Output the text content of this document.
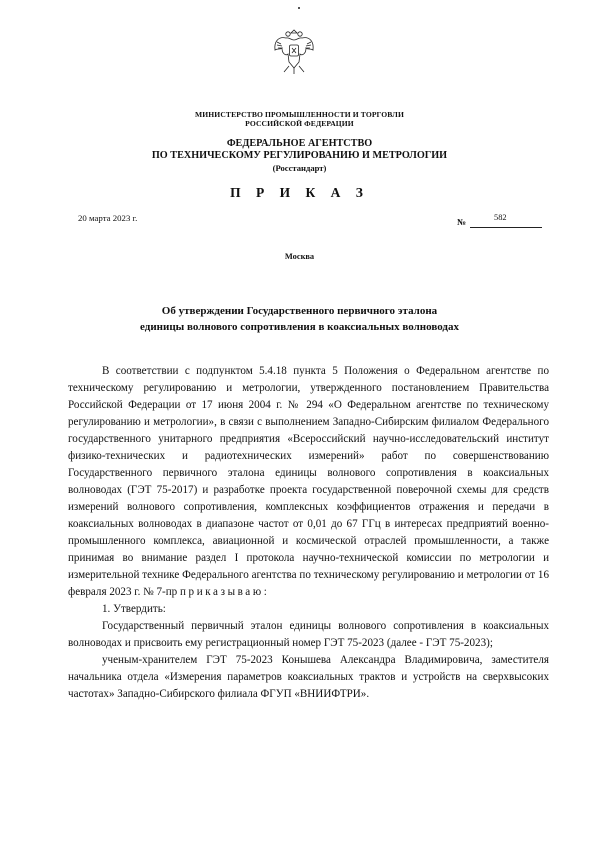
МИНИСТЕРСТВО ПРОМЫШЛЕННОСТИ И ТОРГОВЛИ
РОССИЙСКОЙ ФЕДЕРАЦИИ
ФЕДЕРАЛЬНОЕ АГЕНТСТВО
ПО ТЕХНИЧЕСКОМУ РЕГУЛИРОВАНИЮ И МЕТРОЛОГИИ
(Росстандарт)
П Р И К А З
20 марта 2023 г.	№	582
Москва
Об утверждении Государственного первичного эталона
единицы волнового сопротивления в коаксиальных волноводах

В соответствии с подпунктом 5.4.18 пункта 5 Положения о Федеральном агентстве по техническому регулированию и метрологии, утвержденного постановлением Правительства Российской Федерации от 17 июня 2004 г. № 294 «О Федеральном агентстве по техническому регулированию и метрологии», в связи с выполнением Западно-Сибирским филиалом Федерального государственного унитарного предприятия «Всероссийский научно-исследовательский институт физико-технических и радиотехнических измерений» работ по совершенствованию Государственного первичного эталона единицы волнового сопротивления в коаксиальных волноводах (ГЭТ 75-2017) и разработке проекта государственной поверочной схемы для средств измерений волнового сопротивления, комплексных коэффициентов отражения и передачи в коаксиальных волноводах в диапазоне частот от 0,01 до 67 ГГц в интересах предприятий военно-промышленного комплекса, авиационной и космической отраслей промышленности, а также принимая во внимание раздел I протокола научно-технической комиссии по метрологии и измерительной технике Федерального агентства по техническому регулированию и метрологии от 16 февраля 2023 г. № 7-пр приказываю:

1. Утвердить:

Государственный первичный эталон единицы волнового сопротивления в коаксиальных волноводах и присвоить ему регистрационный номер ГЭТ 75-2023 (далее - ГЭТ 75-2023);

ученым-хранителем ГЭТ 75-2023 Конышева Александра Владимировича, заместителя начальника отдела «Измерения параметров коаксиальных трактов и устройств на сверхвысоких частотах» Западно-Сибирского филиала ФГУП «ВНИИФТРИ».
